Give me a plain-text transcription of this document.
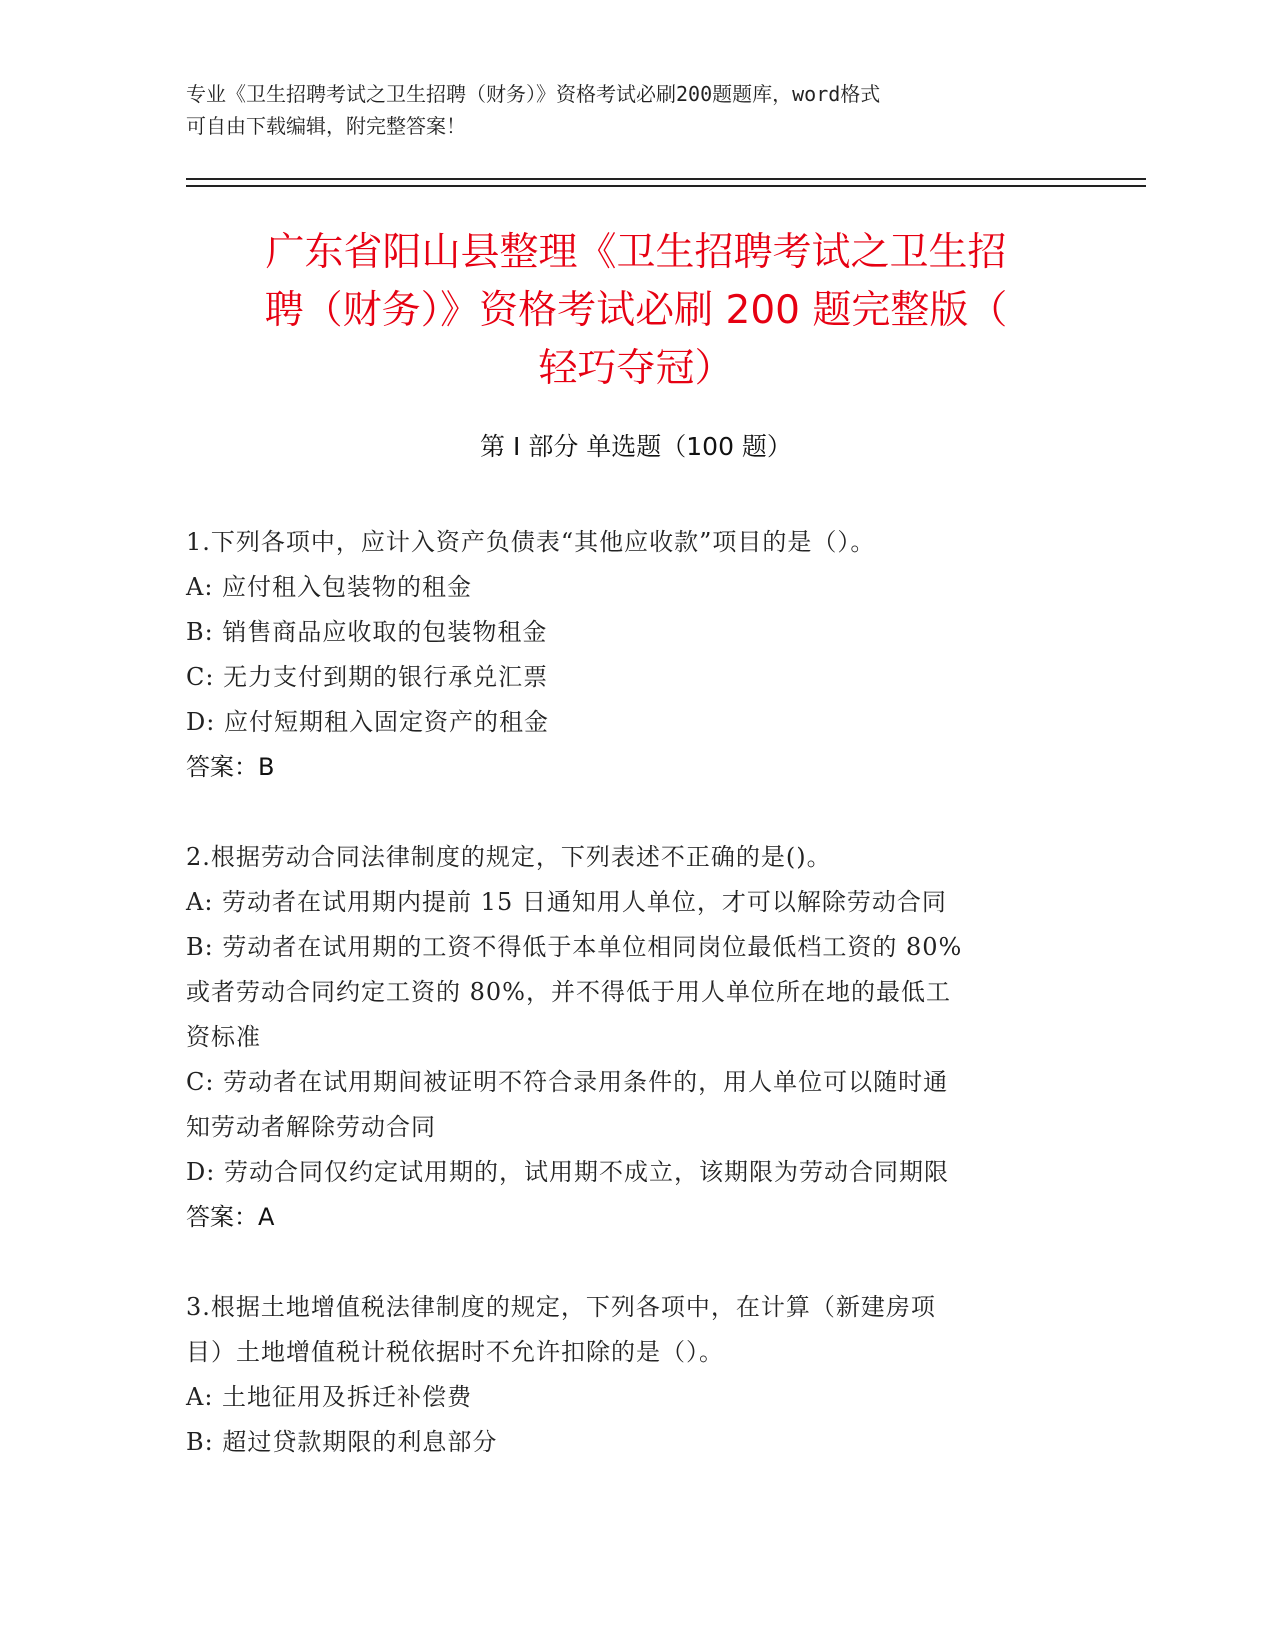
专业《卫生招聘考试之卫生招聘（财务）》资格考试必刷200题题库，word格式
可自由下载编辑，附完整答案！
广东省阳山县整理《卫生招聘考试之卫生招
聘（财务）》资格考试必刷 200 题完整版（
轻巧夺冠）
第 I 部分 单选题（100 题）
1.下列各项中，应计入资产负债表“其他应收款”项目的是（）。
A: 应付租入包装物的租金
B: 销售商品应收取的包装物租金
C: 无力支付到期的银行承兑汇票
D: 应付短期租入固定资产的租金
答案：B
2.根据劳动合同法律制度的规定，下列表述不正确的是()。
A: 劳动者在试用期内提前 15 日通知用人单位，才可以解除劳动合同
B: 劳动者在试用期的工资不得低于本单位相同岗位最低档工资的 80%
或者劳动合同约定工资的 80%，并不得低于用人单位所在地的最低工
资标准
C: 劳动者在试用期间被证明不符合录用条件的，用人单位可以随时通
知劳动者解除劳动合同
D: 劳动合同仅约定试用期的，试用期不成立，该期限为劳动合同期限
答案：A
3.根据土地增值税法律制度的规定，下列各项中，在计算（新建房项
目）土地增值税计税依据时不允许扣除的是（）。
A: 土地征用及拆迁补偿费
B: 超过贷款期限的利息部分
